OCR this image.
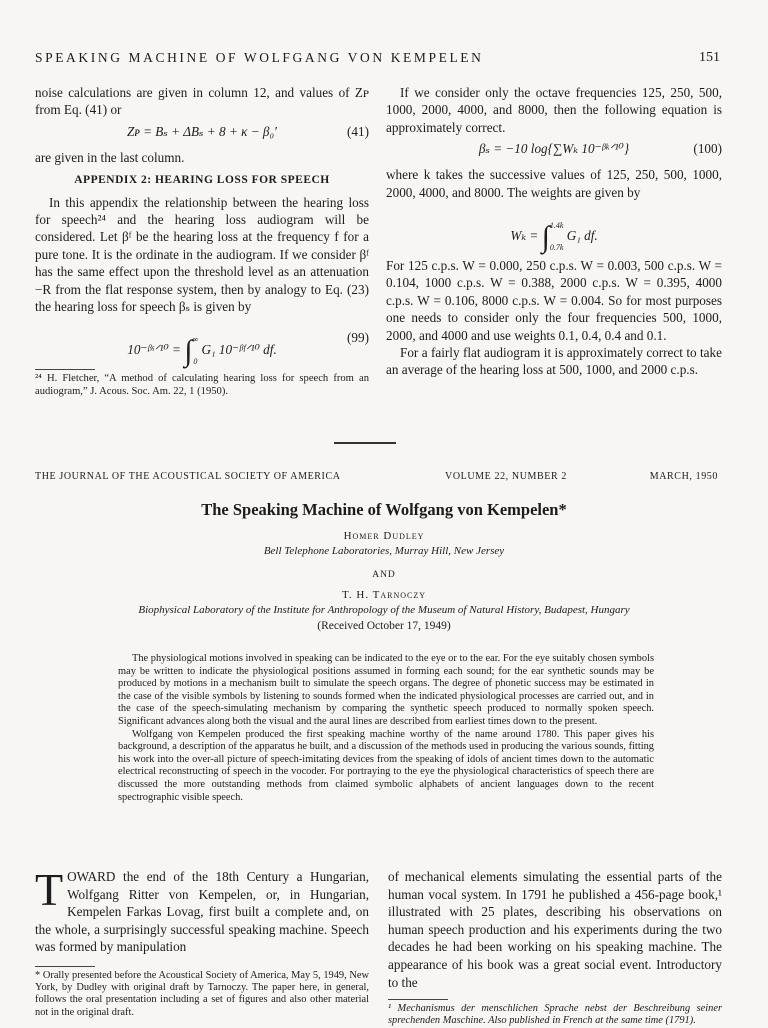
SPEAKING MACHINE OF WOLFGANG VON KEMPELEN	151

noise calculations are given in column 12, and values of Zᴘ from Eq. (41) or

Zᴘ = Bₛ + ΔBₛ + 8 + κ − β₀′	(41)

are given in the last column.

APPENDIX 2: HEARING LOSS FOR SPEECH

In this appendix the relationship between the hearing loss for speech²⁴ and the hearing loss audiogram will be considered. Let βᶠ be the hearing loss at the frequency f for a pure tone. It is the ordinate in the audiogram. If we consider βᶠ has the same effect upon the threshold level as an attenuation −R from the flat response system, then by analogy to Eq. (23) the hearing loss for speech βₛ is given by

10⁻ᵝˢᐟ¹⁰ = ∫∞
0 G₁ 10⁻ᵝᶠᐟ¹⁰ df.
(99)

²⁴ H. Fletcher, “A method of calculating hearing loss for speech from an audiogram,” J. Acous. Soc. Am. 22, 1 (1950).

If we consider only the octave frequencies 125, 250, 500, 1000, 2000, 4000, and 8000, then the following equation is approximately correct.

βₛ = −10 log{∑Wₖ 10⁻ᵝᵏᐟ¹⁰}	(100)

where k takes the successive values of 125, 250, 500, 1000, 2000, 4000, and 8000. The weights are given by

Wₖ = ∫1.4k
0.7k G₁ df.

For 125 c.p.s. W = 0.000, 250 c.p.s. W = 0.003, 500 c.p.s. W = 0.104, 1000 c.p.s. W = 0.388, 2000 c.p.s. W = 0.395, 4000 c.p.s. W = 0.106, 8000 c.p.s. W = 0.004. So for most purposes one needs to consider only the four frequencies 500, 1000, 2000, and 4000 and use weights 0.1, 0.4, 0.4 and 0.1.

For a fairly flat audiogram it is approximately correct to take an average of the hearing loss at 500, 1000, and 2000 c.p.s.

THE JOURNAL OF THE ACOUSTICAL SOCIETY OF AMERICA	VOLUME 22, NUMBER 2	MARCH, 1950
The Speaking Machine of Wolfgang von Kempelen*
Homer Dudley
Bell Telephone Laboratories, Murray Hill, New Jersey
AND
T. H. Tarnoczy
Biophysical Laboratory of the Institute for Anthropology of the Museum of Natural History, Budapest, Hungary
(Received October 17, 1949)

The physiological motions involved in speaking can be indicated to the eye or to the ear. For the eye suitably chosen symbols may be written to indicate the physiological positions assumed in forming each sound; for the ear synthetic sounds may be produced by motions in a mechanism built to simulate the speech organs. The degree of phonetic success may be estimated in the case of the visible symbols by listening to sounds formed when the indicated physiological processes are carried out, and in the case of the speech-simulating mechanism by comparing the synthetic speech produced to normally spoken speech. Significant advances along both the visual and the aural lines are described from earliest times down to the present.

Wolfgang von Kempelen produced the first speaking machine worthy of the name around 1780. This paper gives his background, a description of the apparatus he built, and a discussion of the methods used in producing the various sounds, fitting his work into the over-all picture of speech-imitating devices from the speaking of idols of ancient times down to the automatic electrical reconstructing of speech in the vocoder. For portraying to the eye the physiological characteristics of speech there are discussed the more outstanding methods from claimed symbolic alphabets of ancient languages down to the recent spectrographic visible speech.

TOWARD the end of the 18th Century a Hungarian, Wolfgang Ritter von Kempelen, or, in Hungarian, Kempelen Farkas Lovag, first built a complete and, on the whole, a surprisingly successful speaking machine. Speech was formed by manipulation

* Orally presented before the Acoustical Society of America, May 5, 1949, New York, by Dudley with original draft by Tarnoczy. The paper here, in general, follows the oral presentation including a set of figures and also other material not in the original draft.

of mechanical elements simulating the essential parts of the human vocal system. In 1791 he published a 456-page book,¹ illustrated with 25 plates, describing his observations on human speech production and his experiments during the two decades he had been working on his speaking machine. The appearance of his book was a great social event. Introductory to the

¹ Mechanismus der menschlichen Sprache nebst der Beschreibung seiner sprechenden Maschine. Also published in French at the same time (1791).
